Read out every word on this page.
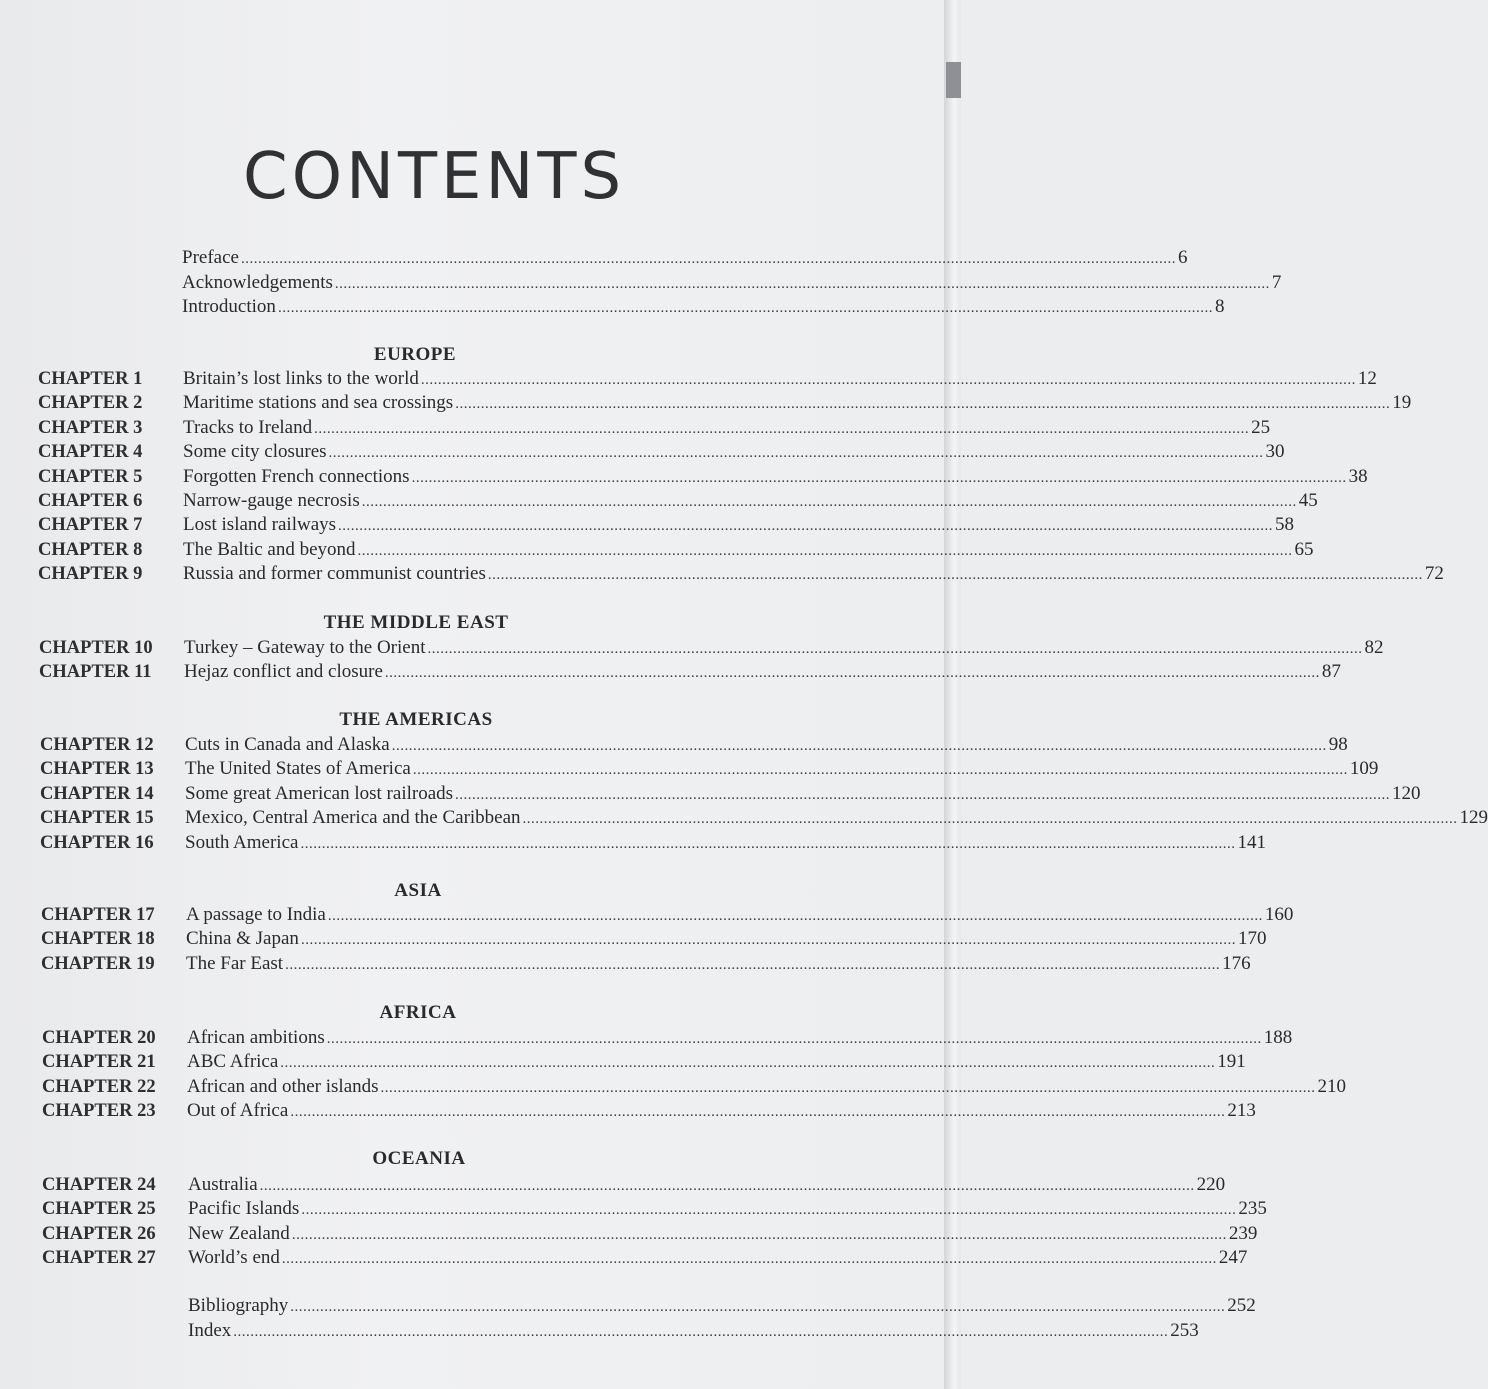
CONTENTS
Preface ............................................................................................................................................................................................................................ 6
Acknowledgements ............................................................................................................................................................................................................................ 7
Introduction ............................................................................................................................................................................................................................ 8
EUROPE
CHAPTER 1 Britain’s lost links to the world ............................................................................................................................................................................................................................ 12
CHAPTER 2 Maritime stations and sea crossings ............................................................................................................................................................................................................................ 19
CHAPTER 3 Tracks to Ireland ............................................................................................................................................................................................................................ 25
CHAPTER 4 Some city closures ............................................................................................................................................................................................................................ 30
CHAPTER 5 Forgotten French connections ............................................................................................................................................................................................................................ 38
CHAPTER 6 Narrow-gauge necrosis ............................................................................................................................................................................................................................ 45
CHAPTER 7 Lost island railways ............................................................................................................................................................................................................................ 58
CHAPTER 8 The Baltic and beyond ............................................................................................................................................................................................................................ 65
CHAPTER 9 Russia and former communist countries ............................................................................................................................................................................................................................ 72
THE MIDDLE EAST
CHAPTER 10 Turkey – Gateway to the Orient ............................................................................................................................................................................................................................ 82
CHAPTER 11 Hejaz conflict and closure ............................................................................................................................................................................................................................ 87
THE AMERICAS
CHAPTER 12 Cuts in Canada and Alaska ............................................................................................................................................................................................................................ 98
CHAPTER 13 The United States of America ............................................................................................................................................................................................................................ 109
CHAPTER 14 Some great American lost railroads ............................................................................................................................................................................................................................ 120
CHAPTER 15 Mexico, Central America and the Caribbean ............................................................................................................................................................................................................................ 129
CHAPTER 16 South America ............................................................................................................................................................................................................................ 141
ASIA
CHAPTER 17 A passage to India ............................................................................................................................................................................................................................ 160
CHAPTER 18 China & Japan ............................................................................................................................................................................................................................ 170
CHAPTER 19 The Far East ............................................................................................................................................................................................................................ 176
AFRICA
CHAPTER 20 African ambitions ............................................................................................................................................................................................................................ 188
CHAPTER 21 ABC Africa ............................................................................................................................................................................................................................ 191
CHAPTER 22 African and other islands ............................................................................................................................................................................................................................ 210
CHAPTER 23 Out of Africa ............................................................................................................................................................................................................................ 213
OCEANIA
CHAPTER 24 Australia ............................................................................................................................................................................................................................ 220
CHAPTER 25 Pacific Islands ............................................................................................................................................................................................................................ 235
CHAPTER 26 New Zealand ............................................................................................................................................................................................................................ 239
CHAPTER 27 World’s end ............................................................................................................................................................................................................................ 247
Bibliography ............................................................................................................................................................................................................................ 252
Index ............................................................................................................................................................................................................................ 253
